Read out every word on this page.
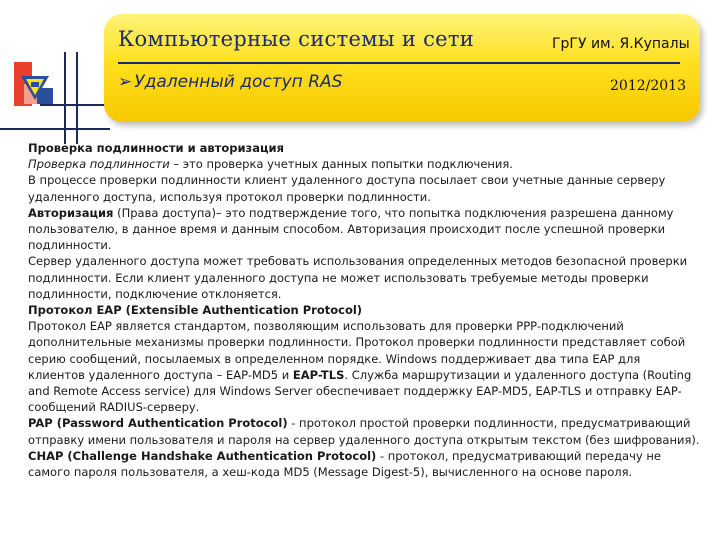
Компьютерные системы и сети	ГрГУ им. Я.Купалы
➢ Удаленный доступ RAS	2012/2013

Проверка подлинности и авторизация

Проверка подлинности – это проверка учетных данных попытки подключения.

В процессе проверки подлинности клиент удаленного доступа посылает свои учетные данные серверу удаленного доступа, используя протокол проверки подлинности.

Авторизация (Права доступа)– это подтверждение того, что попытка подключения разрешена данному пользователю, в данное время и данным способом. Авторизация происходит после успешной проверки подлинности.

Сервер удаленного доступа может требовать использования определенных методов безопасной проверки подлинности. Если клиент удаленного доступа не может использовать требуемые методы проверки подлинности, подключение отклоняется.

Протокол EAP (Extensible Authentication Protocol)

Протокол EAP является стандартом, позволяющим использовать для проверки PPP-подключений дополнительные механизмы проверки подлинности. Протокол проверки подлинности представляет собой серию сообщений, посылаемых в определенном порядке. Windows поддерживает два типа EAP для клиентов удаленного доступа – EAP-MD5 и EAP-TLS. Служба маршрутизации и удаленного доступа (Routing and Remote Access service) для Windows Server обеспечивает поддержку EAP-MD5, EAP-TLS и отправку EAP-сообщений RADIUS-серверу.

PAP (Password Authentication Protocol) - протокол простой проверки подлинности, предусматривающий отправку имени пользователя и пароля на сервер удаленного доступа открытым текстом (без шифрования).

CHAP (Challenge Handshake Authentication Protocol) - протокол, предусматривающий передачу не самого пароля пользователя, а хеш-кода MD5 (Message Digest-5), вычисленного на основе пароля.
